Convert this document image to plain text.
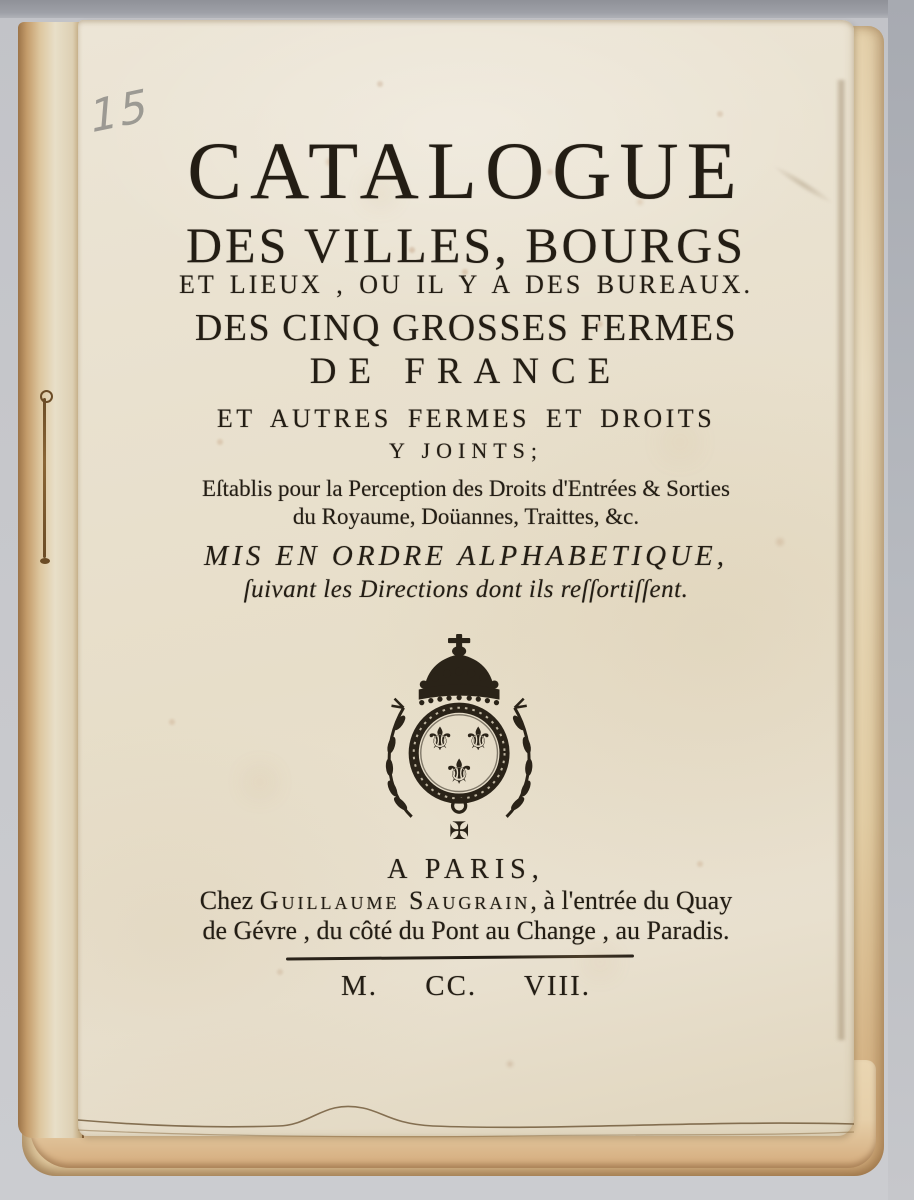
15
CATALOGUE
DES VILLES, BOURGS
ET LIEUX , OU IL Y A DES BUREAUX.
DES CINQ GROSSES FERMES
DE FRANCE
ET AUTRES FERMES ET DROITS
Y JOINTS;
Eſtablis pour la Perception des Droits d'Entrées & Sorties
du Royaume, Doüannes, Traittes, &c.
MIS EN ORDRE ALPHABETIQUE,
ſuivant les Directions dont ils reſſortiſſent.
⚜ ⚜
⚜
✠
A PARIS,
Chez Guillaume Saugrain, à l'entrée du Quay
de Gévre , du côté du Pont au Change , au Paradis.
M. CC. VIII.
